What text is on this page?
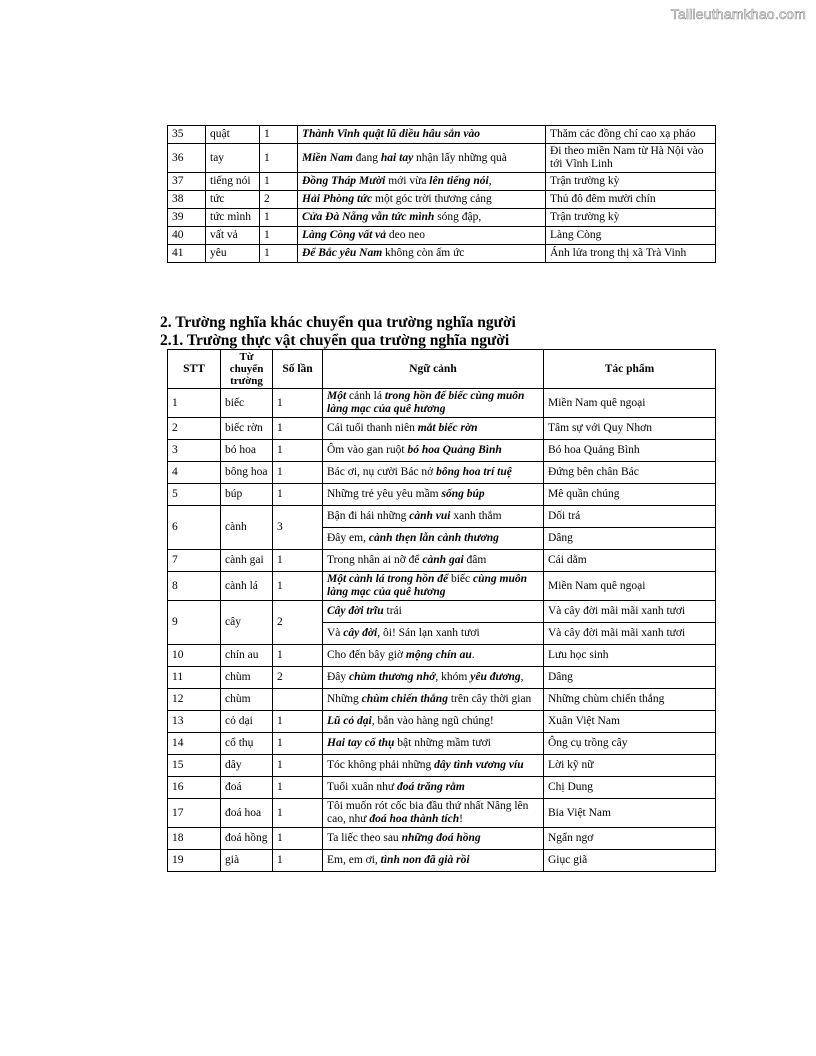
Tailieuthamkhao.com
35	quật	1	Thành Vinh quật lũ diều hâu sắn vào	Thăm các đồng chí cao xạ pháo
36	tay	1	Miền Nam đang hai tay nhận lấy những quà	Đi theo miền Nam từ Hà Nội vào tới Vĩnh Linh
37	tiếng nói	1	Đồng Tháp Mười mới vừa lên tiếng nói,	Trận trường kỳ
38	tức	2	Hải Phòng tức một góc trời thương cảng	Thủ đô đêm mười chín
39	tức mình	1	Cửa Đà Nẵng vẫn tức mình sóng đập,	Trận trường kỳ
40	vất vả	1	Làng Còng vất vả deo neo	Làng Còng
41	yêu	1	Để Bắc yêu Nam không còn ấm ức	Ánh lửa trong thị xã Trà Vinh

2. Trường nghĩa khác chuyển qua trường nghĩa người

2.1. Trường thực vật chuyển qua trường nghĩa người

STT	Từ chuyển trường	Số lần	Ngữ cảnh	Tác phẩm
1	biếc	1	Một cảnh lá trong hồn để biếc cùng muôn làng mạc của quê hương	Miền Nam quê ngoại
2	biếc rờn	1	Cái tuổi thanh niên mắt biếc rờn	Tâm sự với Quy Nhơn
3	bó hoa	1	Ôm vào gan ruột bó hoa Quảng Bình	Bó hoa Quảng Bình
4	bông hoa	1	Bác ơi, nụ cười Bác nở bông hoa trí tuệ	Đứng bên chân Bác
5	búp	1	Những trẻ yêu yêu mầm sống búp	Mê quần chúng
6	cành	3	Bận đi hái những cành vui xanh thắm	Dối trá
			Đây em, cành thẹn lẫn cành thương	Dâng
7	cành gai	1	Trong nhân ai nỡ để cành gai đâm	Cái dằm
8	cành lá	1	Một cành lá trong hồn để biếc cùng muôn làng mạc của quê hương	Miền Nam quê ngoại
9	cây	2	Cây đời trĩu trái	Và cây đời mãi mãi xanh tươi
			Và cây đời, ôi! Sán lạn xanh tươi	Và cây đời mãi mãi xanh tươi
10	chín au	1	Cho đến bây giờ mộng chín au.	Lưu học sinh
11	chùm	2	Đây chùm thương nhớ, khóm yêu đương,	Dâng
12	chùm		Những chùm chiến thắng trên cây thời gian	Những chùm chiến thắng
13	cỏ dại	1	Lũ cỏ dại, bắn vào hàng ngũ chúng!	Xuân Việt Nam
14	cổ thụ	1	Hai tay cổ thụ bật những mầm tươi	Ông cụ trồng cây
15	dây	1	Tóc không phải những dây tình vương víu	Lời kỹ nữ
16	đoá	1	Tuổi xuân như đoá trăng rằm	Chị Dung
17	đoá hoa	1	Tôi muốn rót cốc bia đầu thứ nhất Nâng lên cao, như đoá hoa thành tích!	Bia Việt Nam
18	đoá hồng	1	Ta liếc theo sau những đoá hồng	Ngẩn ngơ
19	già	1	Em, em ơi, tình non đã già rồi	Giục giã
